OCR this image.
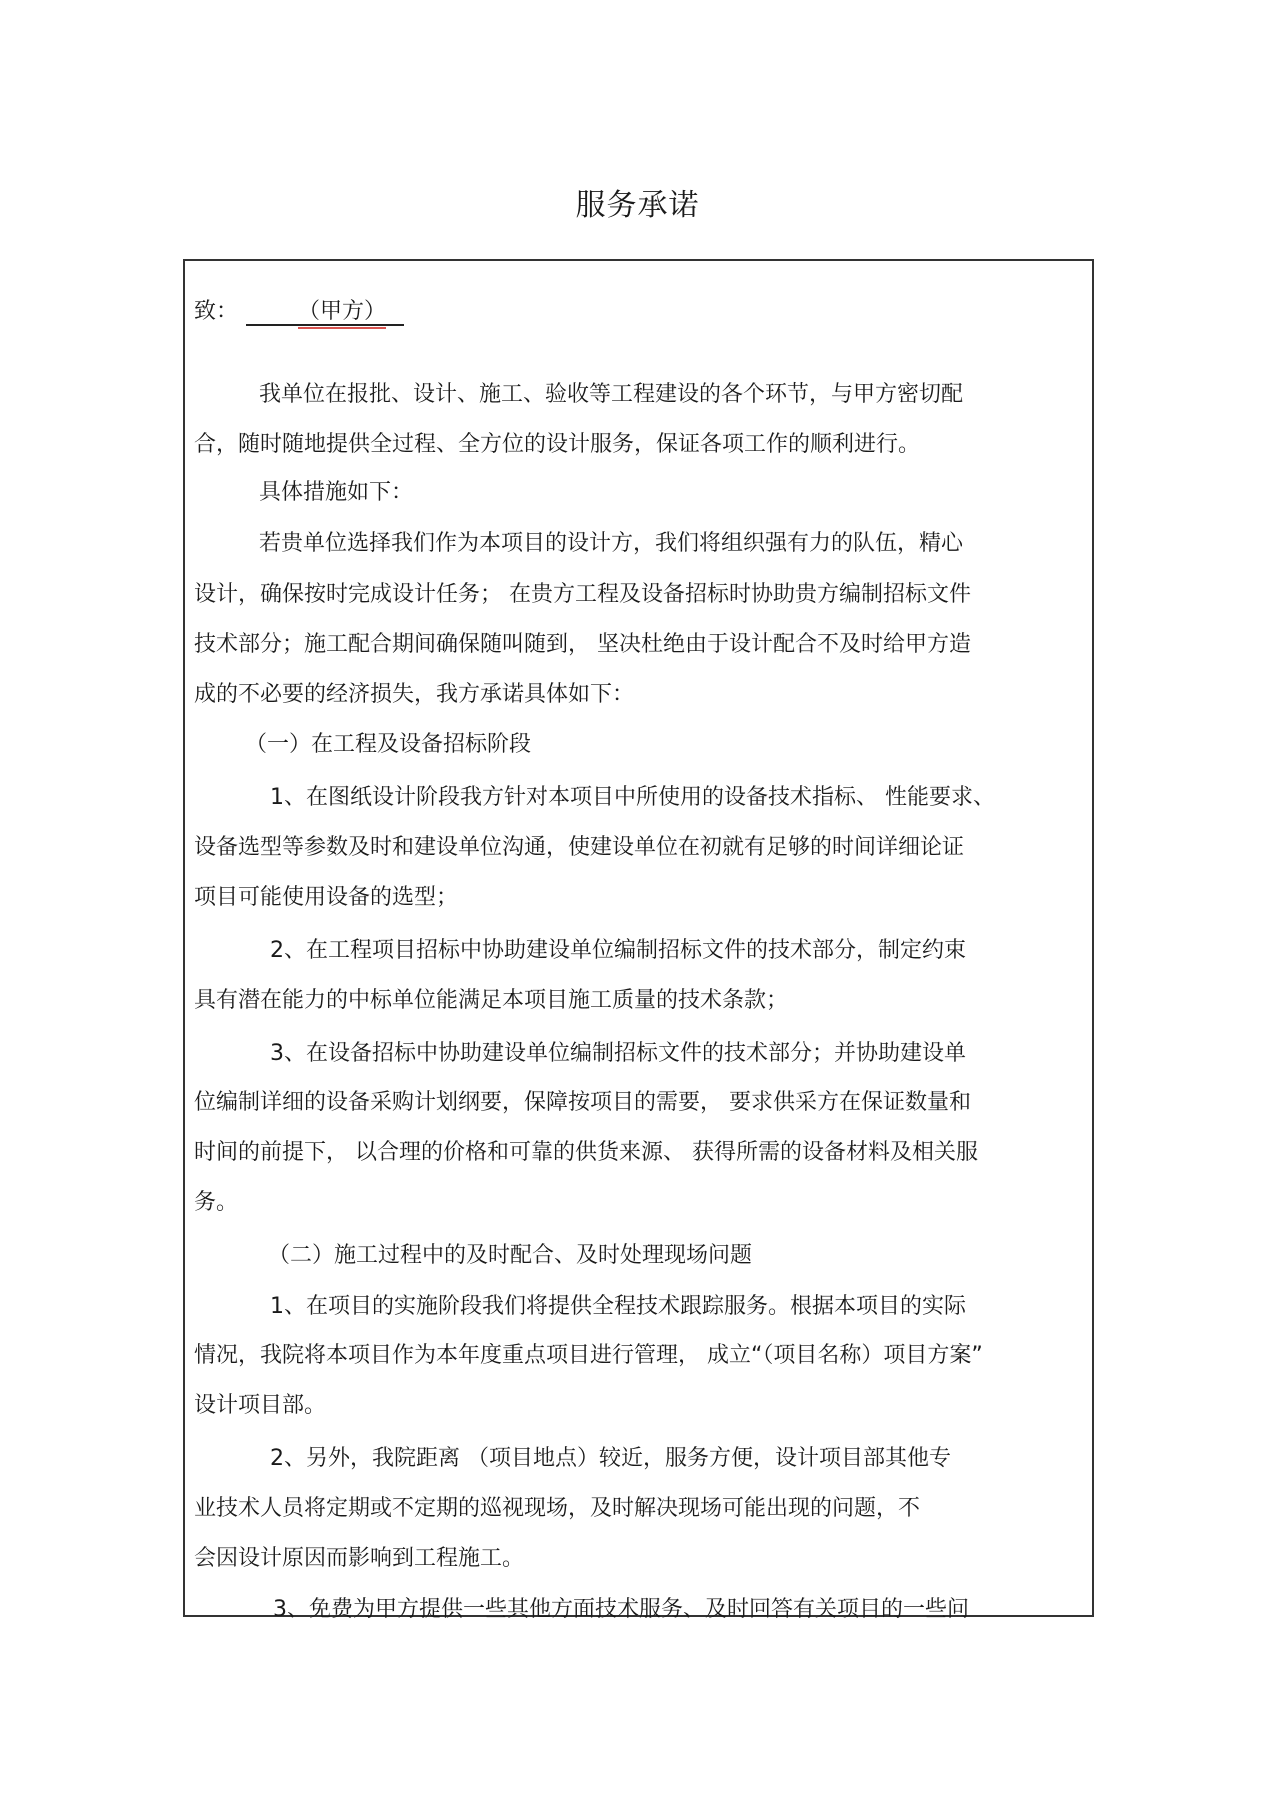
服务承诺
致：	（甲方）
我单位在报批、设计、施工、验收等工程建设的各个环节，与甲方密切配
合，随时随地提供全过程、全方位的设计服务，保证各项工作的顺利进行。
具体措施如下：
若贵单位选择我们作为本项目的设计方，我们将组织强有力的队伍，精心
设计，确保按时完成设计任务； 在贵方工程及设备招标时协助贵方编制招标文件
技术部分；施工配合期间确保随叫随到， 坚决杜绝由于设计配合不及时给甲方造
成的不必要的经济损失，我方承诺具体如下：
（一）在工程及设备招标阶段
1、在图纸设计阶段我方针对本项目中所使用的设备技术指标、 性能要求、
设备选型等参数及时和建设单位沟通，使建设单位在初就有足够的时间详细论证
项目可能使用设备的选型；
2、在工程项目招标中协助建设单位编制招标文件的技术部分，制定约束
具有潜在能力的中标单位能满足本项目施工质量的技术条款；
3、在设备招标中协助建设单位编制招标文件的技术部分；并协助建设单
位编制详细的设备采购计划纲要，保障按项目的需要， 要求供采方在保证数量和
时间的前提下， 以合理的价格和可靠的供货来源、 获得所需的设备材料及相关服
务。
（二）施工过程中的及时配合、及时处理现场问题
1、在项目的实施阶段我们将提供全程技术跟踪服务。根据本项目的实际
情况，我院将本项目作为本年度重点项目进行管理， 成立“（项目名称）项目方案”
设计项目部。
2、另外，我院距离 （项目地点）较近，服务方便，设计项目部其他专
业技术人员将定期或不定期的巡视现场，及时解决现场可能出现的问题，不
会因设计原因而影响到工程施工。
3、免费为甲方提供一些其他方面技术服务、及时回答有关项目的一些问
